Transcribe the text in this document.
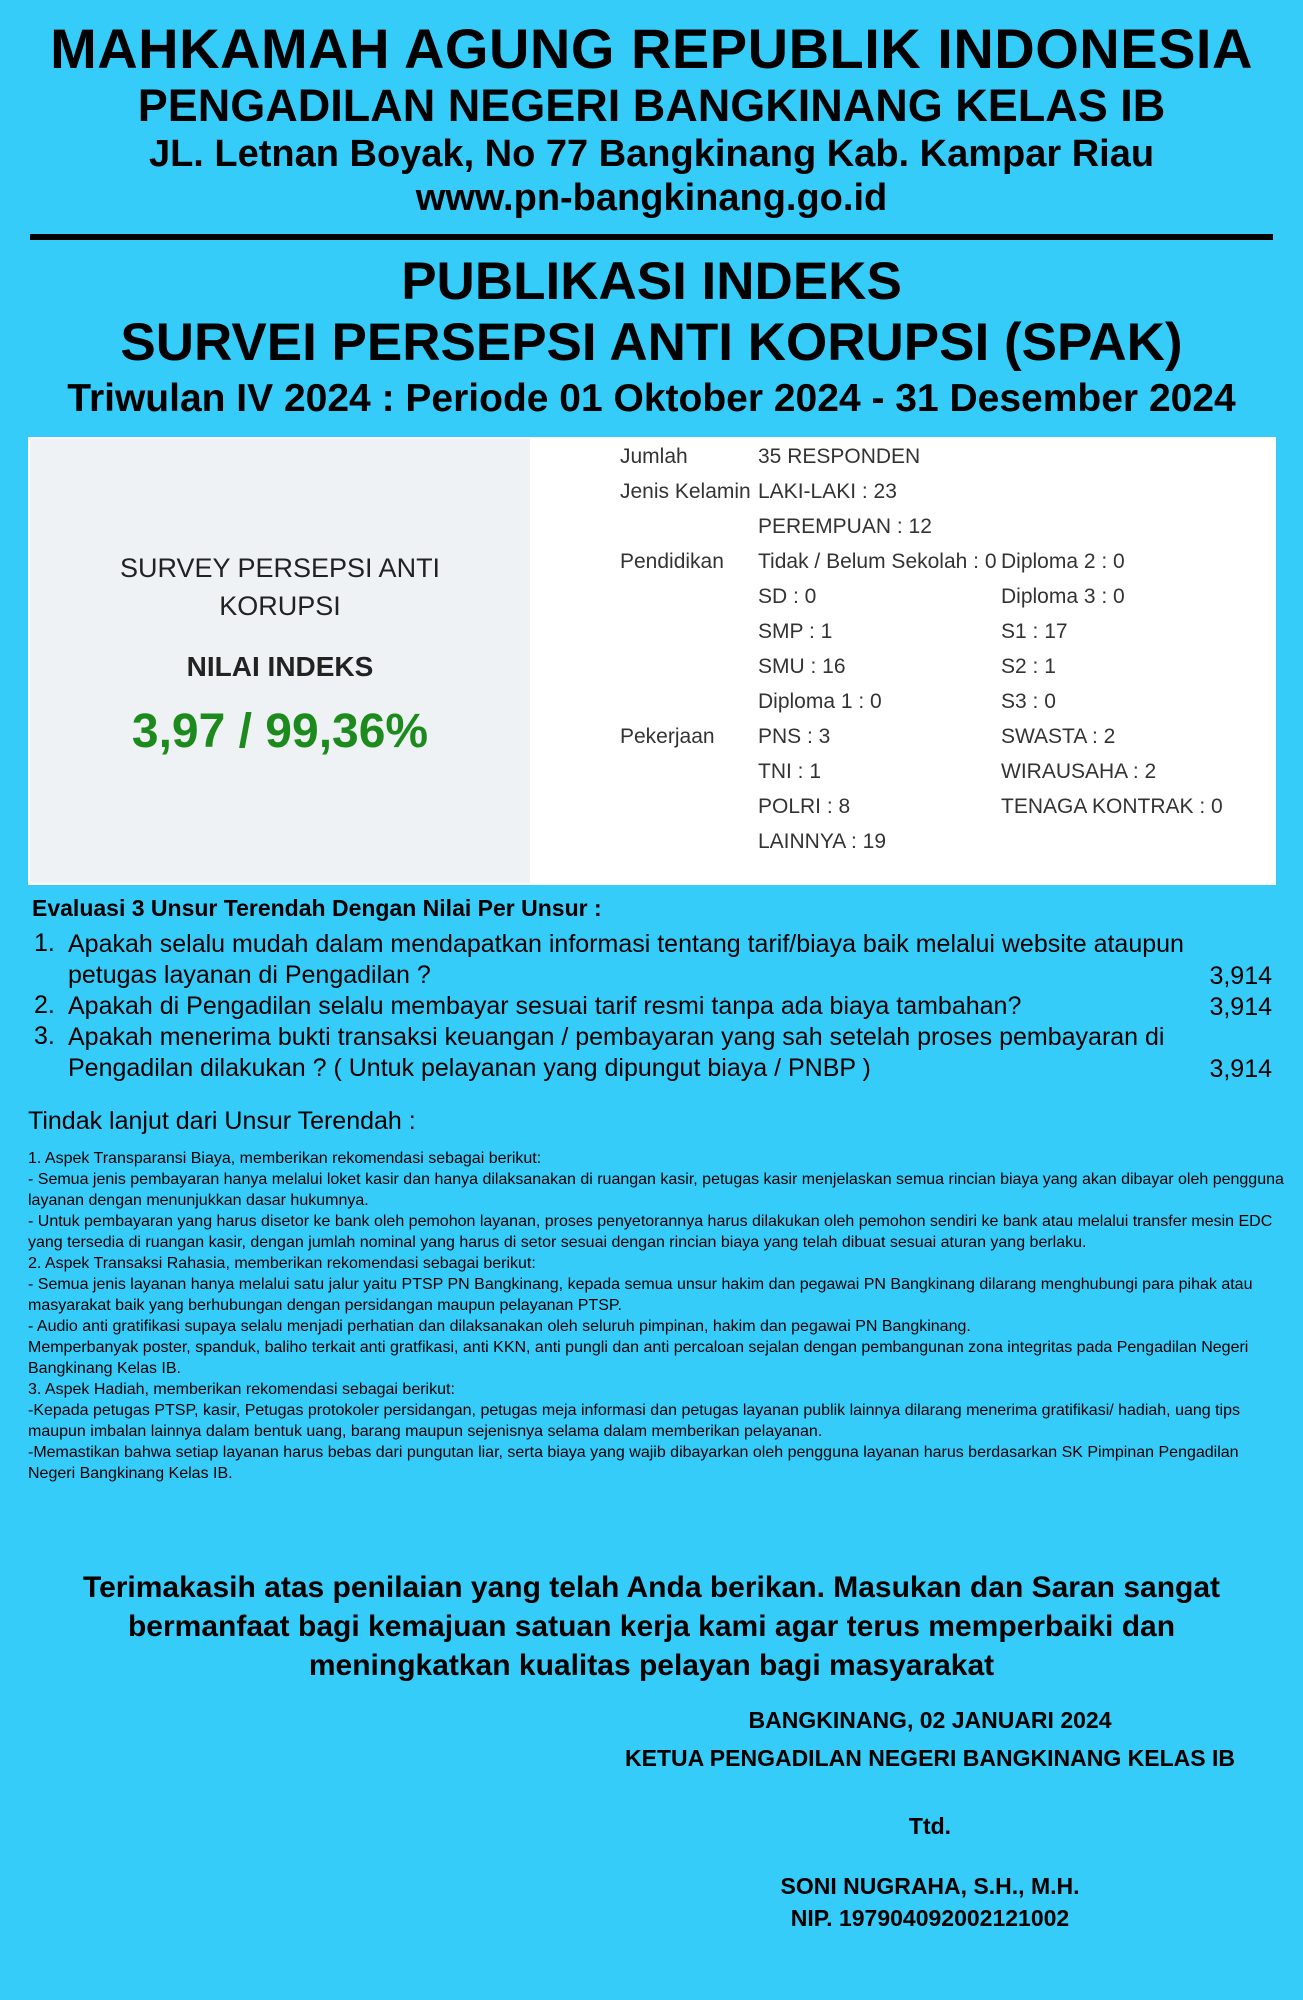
MAHKAMAH AGUNG REPUBLIK INDONESIA
PENGADILAN NEGERI BANGKINANG KELAS IB
JL. Letnan Boyak, No 77 Bangkinang Kab. Kampar Riau
www.pn-bangkinang.go.id
PUBLIKASI INDEKS
SURVEI PERSEPSI ANTI KORUPSI (SPAK)
Triwulan IV 2024 : Periode 01 Oktober 2024 - 31 Desember 2024
SURVEY PERSEPSI ANTI
KORUPSI
NILAI INDEKS
3,97 / 99,36%
Jumlah	35 RESPONDEN
Jenis Kelamin LAKI-LAKI : 23
PEREMPUAN : 12
Pendidikan Tidak / Belum Sekolah : 0 Diploma 2 : 0
SD : 0	Diploma 3 : 0
SMP : 1	S1 : 17
SMU : 16	S2 : 1
Diploma 1 : 0	S3 : 0
Pekerjaan PNS : 3	SWASTA : 2
TNI : 1	WIRAUSAHA : 2
POLRI : 8	TENAGA KONTRAK : 0
LAINNYA : 19
Evaluasi 3 Unsur Terendah Dengan Nilai Per Unsur :
1. Apakah selalu mudah dalam mendapatkan informasi tentang tarif/biaya baik melalui website ataupun petugas layanan di Pengadilan ?	3,914
2. Apakah di Pengadilan selalu membayar sesuai tarif resmi tanpa ada biaya tambahan?	3,914
3. Apakah menerima bukti transaksi keuangan / pembayaran yang sah setelah proses pembayaran di Pengadilan dilakukan ? ( Untuk pelayanan yang dipungut biaya / PNBP )	3,914
Tindak lanjut dari Unsur Terendah :
1. Aspek Transparansi Biaya, memberikan rekomendasi sebagai berikut:
- Semua jenis pembayaran hanya melalui loket kasir dan hanya dilaksanakan di ruangan kasir, petugas kasir menjelaskan semua rincian biaya yang akan dibayar oleh pengguna layanan dengan menunjukkan dasar hukumnya.
- Untuk pembayaran yang harus disetor ke bank oleh pemohon layanan, proses penyetorannya harus dilakukan oleh pemohon sendiri ke bank atau melalui transfer mesin EDC yang tersedia di ruangan kasir, dengan jumlah nominal yang harus di setor sesuai dengan rincian biaya yang telah dibuat sesuai aturan yang berlaku.
2. Aspek Transaksi Rahasia, memberikan rekomendasi sebagai berikut:
- Semua jenis layanan hanya melalui satu jalur yaitu PTSP PN Bangkinang, kepada semua unsur hakim dan pegawai PN Bangkinang dilarang menghubungi para pihak atau masyarakat baik yang berhubungan dengan persidangan maupun pelayanan PTSP.
- Audio anti gratifikasi supaya selalu menjadi perhatian dan dilaksanakan oleh seluruh pimpinan, hakim dan pegawai PN Bangkinang.
Memperbanyak poster, spanduk, baliho terkait anti gratfikasi, anti KKN, anti pungli dan anti percaloan sejalan dengan pembangunan zona integritas pada Pengadilan Negeri Bangkinang Kelas IB.
3. Aspek Hadiah, memberikan rekomendasi sebagai berikut:
-Kepada petugas PTSP, kasir, Petugas protokoler persidangan, petugas meja informasi dan petugas layanan publik lainnya dilarang menerima gratifikasi/ hadiah, uang tips maupun imbalan lainnya dalam bentuk uang, barang maupun sejenisnya selama dalam memberikan pelayanan.
-Memastikan bahwa setiap layanan harus bebas dari pungutan liar, serta biaya yang wajib dibayarkan oleh pengguna layanan harus berdasarkan SK Pimpinan Pengadilan Negeri Bangkinang Kelas IB.
Terimakasih atas penilaian yang telah Anda berikan. Masukan dan Saran sangat
bermanfaat bagi kemajuan satuan kerja kami agar terus memperbaiki dan
meningkatkan kualitas pelayan bagi masyarakat
BANGKINANG, 02 JANUARI 2024
KETUA PENGADILAN NEGERI BANGKINANG KELAS IB
Ttd.
SONI NUGRAHA, S.H., M.H.
NIP. 197904092002121002
